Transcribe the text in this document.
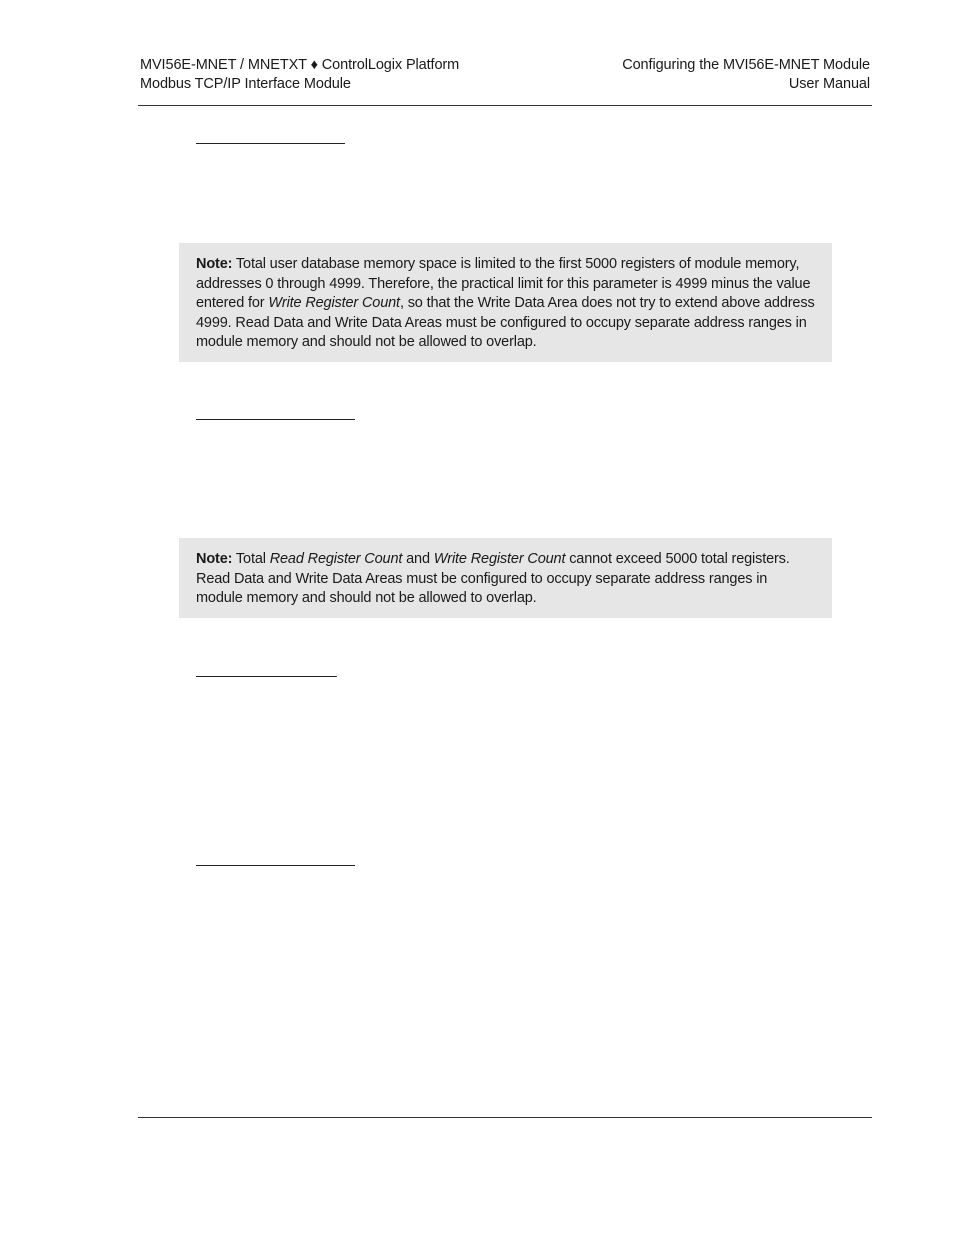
MVI56E-MNET / MNETXT ♦ ControlLogix Platform
Modbus TCP/IP Interface Module
Configuring the MVI56E-MNET Module
User Manual
Note: Total user database memory space is limited to the first 5000 registers of module memory, addresses 0 through 4999. Therefore, the practical limit for this parameter is 4999 minus the value entered for Write Register Count, so that the Write Data Area does not try to extend above address 4999. Read Data and Write Data Areas must be configured to occupy separate address ranges in module memory and should not be allowed to overlap.
Note: Total Read Register Count and Write Register Count cannot exceed 5000 total registers. Read Data and Write Data Areas must be configured to occupy separate address ranges in module memory and should not be allowed to overlap.
